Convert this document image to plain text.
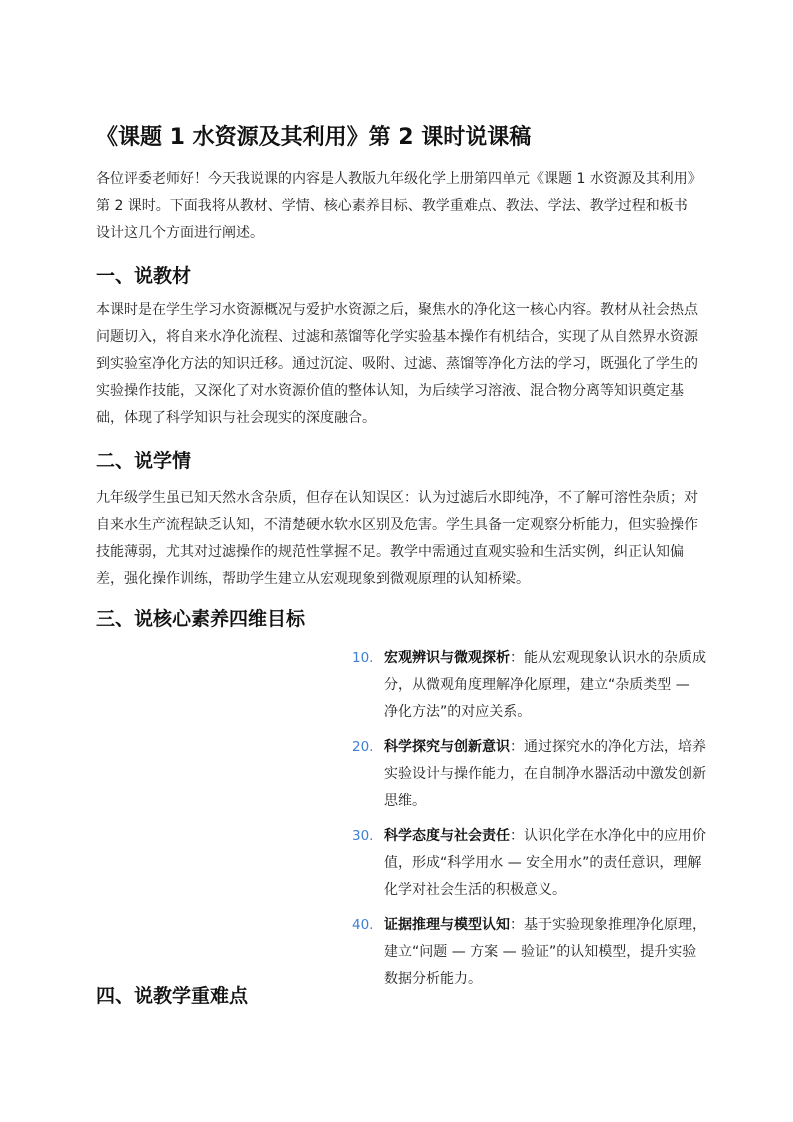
《课题 1 水资源及其利用》第 2 课时说课稿

各位评委老师好！今天我说课的内容是人教版九年级化学上册第四单元《课题 1 水资源及其利用》第 2 课时。下面我将从教材、学情、核心素养目标、教学重难点、教法、学法、教学过程和板书设计这几个方面进行阐述。

一、说教材

本课时是在学生学习水资源概况与爱护水资源之后，聚焦水的净化这一核心内容。教材从社会热点问题切入，将自来水净化流程、过滤和蒸馏等化学实验基本操作有机结合，实现了从自然界水资源到实验室净化方法的知识迁移。通过沉淀、吸附、过滤、蒸馏等净化方法的学习，既强化了学生的实验操作技能，又深化了对水资源价值的整体认知，为后续学习溶液、混合物分离等知识奠定基础，体现了科学知识与社会现实的深度融合。

二、说学情

九年级学生虽已知天然水含杂质，但存在认知误区：认为过滤后水即纯净，不了解可溶性杂质；对自来水生产流程缺乏认知，不清楚硬水软水区别及危害。学生具备一定观察分析能力，但实验操作技能薄弱，尤其对过滤操作的规范性掌握不足。教学中需通过直观实验和生活实例，纠正认知偏差，强化操作训练，帮助学生建立从宏观现象到微观原理的认知桥梁。

三、说核心素养四维目标
10. 宏观辨识与微观探析：能从宏观现象认识水的杂质成分，从微观角度理解净化原理，建立“杂质类型 — 净化方法”的对应关系。

20. 科学探究与创新意识：通过探究水的净化方法，培养实验设计与操作能力，在自制净水器活动中激发创新思维。

30. 科学态度与社会责任：认识化学在水净化中的应用价值，形成“科学用水 — 安全用水”的责任意识，理解化学对社会生活的积极意义。

40. 证据推理与模型认知：基于实验现象推理净化原理，建立“问题 — 方案 — 验证”的认知模型，提升实验数据分析能力。

四、说教学重难点
